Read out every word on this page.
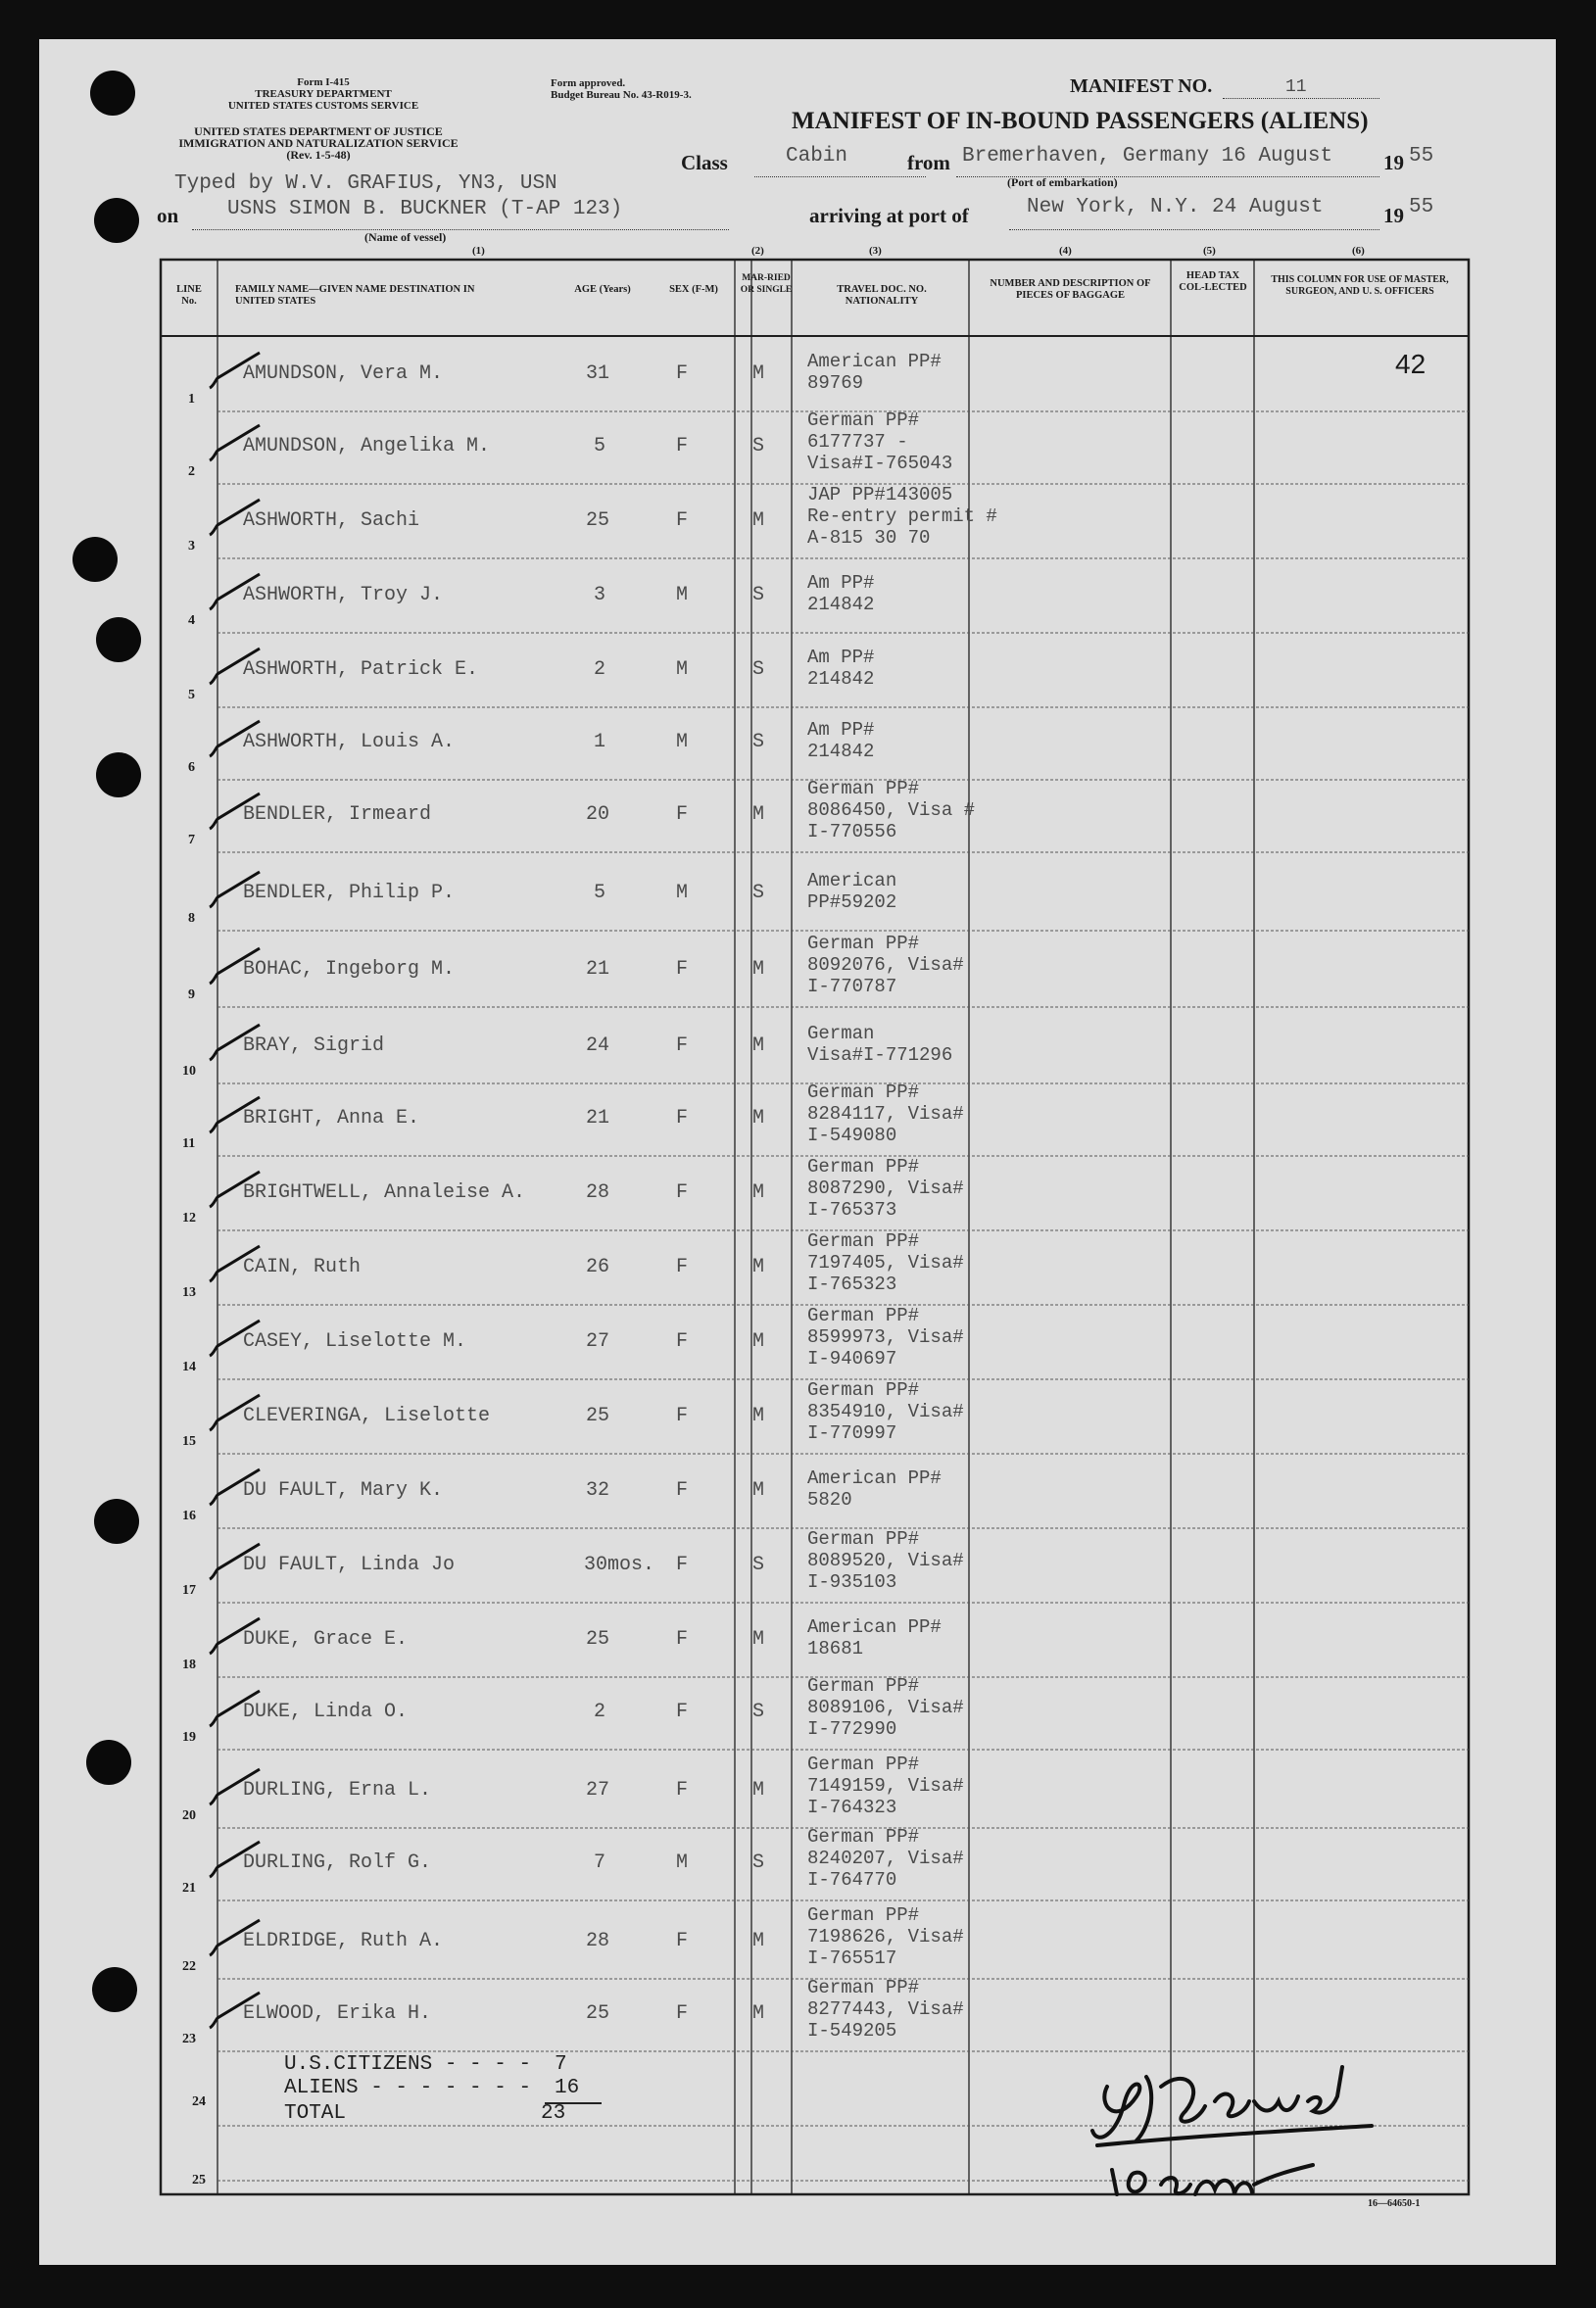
Form I-415
TREASURY DEPARTMENT
UNITED STATES CUSTOMS SERVICE
UNITED STATES DEPARTMENT OF JUSTICE
IMMIGRATION AND NATURALIZATION SERVICE
(Rev. 1-5-48)
Form approved.
Budget Bureau No. 43-R019-3.	MANIFEST NO.	11
MANIFEST OF IN-BOUND PASSENGERS (ALIENS)
Class	Cabin	from Bremerhaven, Germany 16 August 19 55
(Port of embarkation)
Typed by W.V. GRAFIUS, YN3, USN
on USNS SIMON B. BUCKNER (T-AP 123)
(Name of vessel)
arriving at port of	New York, N.Y. 24 August	19 55
(1)	(2)	(3)	(4)	(5)	(6)
LINE No.
FAMILY NAME—GIVEN NAME DESTINATION IN UNITED STATES
AGE (Years)	SEX (F-M)
MAR-RIED OR SINGLE	TRAVEL DOC. NO. NATIONALITY
NUMBER AND DESCRIPTION OF PIECES OF BAGGAGE
HEAD TAX COL-LECTED
THIS COLUMN FOR USE OF MASTER, SURGEON, AND U. S. OFFICERS
42
1
AMUNDSON, Vera M.	31	F	M
American PP#
89769
2
AMUNDSON, Angelika M.	5	F	S
German PP#
6177737 -
Visa#I-765043
3
ASHWORTH, Sachi	25	F	M
JAP PP#143005
Re-entry permit #
A-815 30 70
4
ASHWORTH, Troy J.	3	M	S
Am PP#
214842
5
ASHWORTH, Patrick E.	2	M	S
Am PP#
214842
6
ASHWORTH, Louis A.	1	M	S
Am PP#
214842
7
BENDLER, Irmeard	20	F	M
German PP#
8086450, Visa #
I-770556
8
BENDLER, Philip P.	5	M	S
American
PP#59202
9
BOHAC, Ingeborg M.	21	F	M
German PP#
8092076, Visa#
I-770787
10
BRAY, Sigrid	24	F	M
German
Visa#I-771296
11
BRIGHT, Anna E.	21	F	M
German PP#
8284117, Visa#
I-549080
12
BRIGHTWELL, Annaleise A.	28	F	M
German PP#
8087290, Visa#
I-765373
13
CAIN, Ruth	26	F	M
German PP#
7197405, Visa#
I-765323
14
CASEY, Liselotte M.	27	F	M
German PP#
8599973, Visa#
I-940697
15
CLEVERINGA, Liselotte	25	F	M
German PP#
8354910, Visa#
I-770997
16
DU FAULT, Mary K.	32	F	M
American PP#
5820
17
DU FAULT, Linda Jo	30mos. F	S
German PP#
8089520, Visa#
I-935103
18
DUKE, Grace E.	25	F	M
American PP#
18681
19
DUKE, Linda O.	2	F	S
German PP#
8089106, Visa#
I-772990
20
DURLING, Erna L.	27	F	M
German PP#
7149159, Visa#
I-764323
21
DURLING, Rolf G.	7	M	S
German PP#
8240207, Visa#
I-764770
22
ELDRIDGE, Ruth A.	28	F	M
German PP#
7198626, Visa#
I-765517
23
ELWOOD, Erika H.	25	F	M
German PP#
8277443, Visa#
I-549205
24
25
U.S.CITIZENS - - - - 7
ALIENS - - - - - - - 16
TOTAL	23
16—64650-1
